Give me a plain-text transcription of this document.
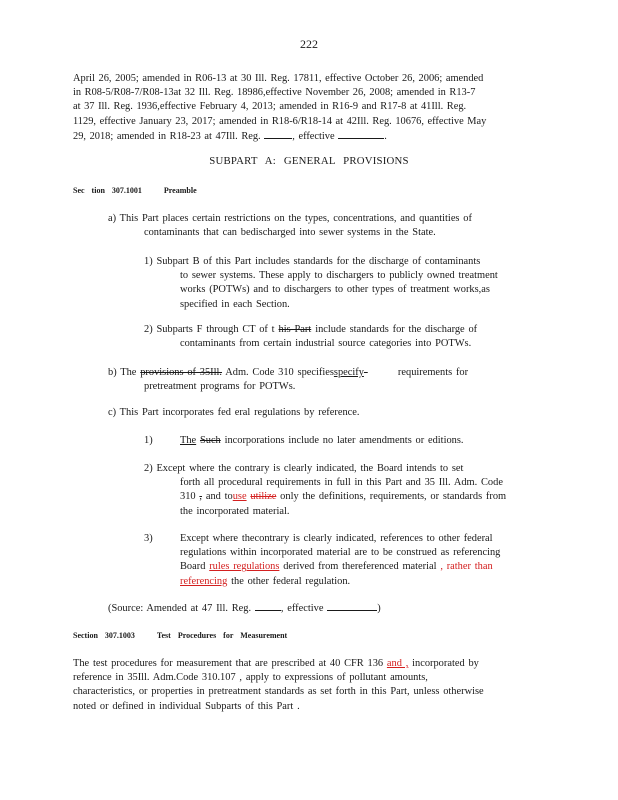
222
April 26, 2005; amended in R06-13 at 30 Ill. Reg. 17811, effective October 26, 2006; amended
in R08-5/R08-7/R08-13at 32 Ill. Reg. 18986,effective November 26, 2008; amended in R13-7
at 37 Ill. Reg. 1936,effective February 4, 2013; amended in R16-9 and R17-8 at 41Ill. Reg.
1129, effective January 23, 2017; amended in R18-6/R18-14 at 42Ill. Reg. 10676, effective May
29, 2018; amended in R18-23 at 47Ill. Reg.	, effective	.
SUBPART A: GENERAL PROVISIONS
Sec tion 307.1001	Preamble
a) This Part places certain restrictions on the types, concentrations, and quantities of
contaminants that can bedischarged into sewer systems in the State.
1) Subpart B of this Part includes standards for the discharge of contaminants
to sewer systems. These apply to dischargers to publicly owned treatment
works (POTWs) and to dischargers to other types of treatment works,as
specified in each Section.
2) Subparts F through CT of t his Part include standards for the discharge of
contaminants from certain industrial source categories into POTWs.
b) The provisions of 35Ill. Adm. Code 310 specifiesspecify	requirements for
pretreatment programs for POTWs.
c) This Part incorporates fed eral regulations by reference.
1)	The Such incorporations include no later amendments or editions.
2) Except where the contrary is clearly indicated, the Board intends to set
forth all procedural requirements in full in this Part and 35 Ill. Adm. Code
310 , and touse utilize only the definitions, requirements, or standards from
the incorporated material.
3)	Except where thecontrary is clearly indicated, references to other federal
regulations within incorporated material are to be construed as referencing
Board rules regulations derived from thereferenced material , rather than
referencing the other federal regulation.
(Source: Amended at 47 Ill. Reg.	, effective	)
Section 307.1003	Test Procedures for Measurement
The test procedures for measurement that are prescribed at 40 CFR 136 and , incorporated by
reference in 35Ill. Adm.Code 310.107 , apply to expressions of pollutant amounts,
characteristics, or properties in pretreatment standards as set forth in this Part, unless otherwise
noted or defined in individual Subparts of this Part .
